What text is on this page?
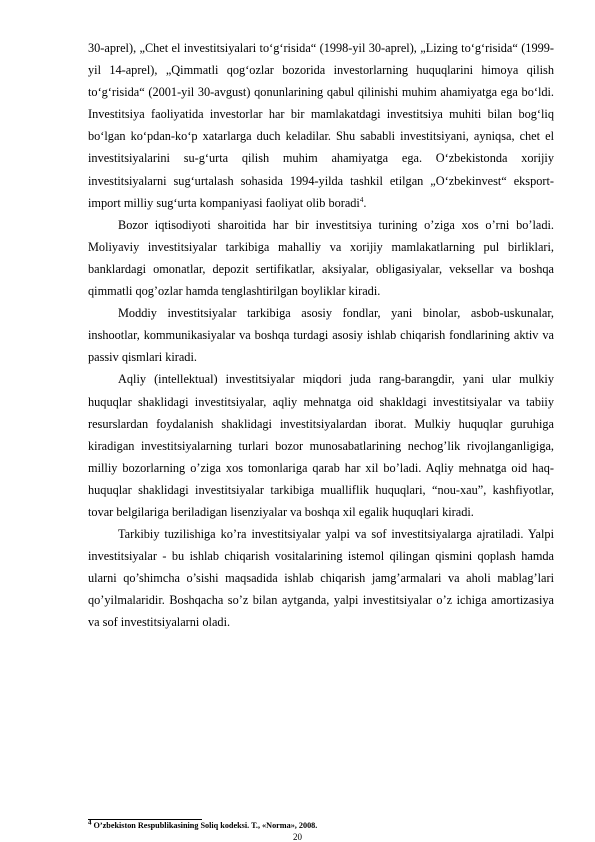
30-aprel), „Chet el investitsiyalari to‘g‘risida“ (1998-yil 30-aprel), „Lizing to‘g‘risida“ (1999-yil 14-aprel), „Qimmatli qog‘ozlar bozorida investorlarning huquqlarini himoya qilish to‘g‘risida“ (2001-yil 30-avgust) qonunlarining qabul qilinishi muhim ahamiyatga ega bo‘ldi. Investitsiya faoliyatida investorlar har bir mamlakatdagi investitsiya muhiti bilan bog‘liq bo‘lgan ko‘pdan-ko‘p xatarlarga duch keladilar. Shu sababli investitsiyani, ayniqsa, chet el investitsiyalarini su-g‘urta qilish muhim ahamiyatga ega. O‘zbekistonda xorijiy investitsiyalarni sug‘urtalash sohasida 1994-yilda tashkil etilgan „O‘zbekinvest“ eksport-import milliy sug‘urta kompaniyasi faoliyat olib boradi$^4$.

Bozor iqtisodiyoti sharoitida har bir investitsiya turining o’ziga xos o’rni bo’ladi. Moliyaviy investitsiyalar tarkibiga mahalliy va xorijiy mamlakatlarning pul birliklari, banklardagi omonatlar, depozit sertifikatlar, aksiyalar, obligasiyalar, veksellar va boshqa qimmatli qog’ozlar hamda tenglashtirilgan boyliklar kiradi.

Moddiy investitsiyalar tarkibiga asosiy fondlar, yani binolar, asbob-uskunalar, inshootlar, kommunikasiyalar va boshqa turdagi asosiy ishlab chiqarish fondlarining aktiv va passiv qismlari kiradi.

Aqliy (intellektual) investitsiyalar miqdori juda rang-barangdir, yani ular mulkiy huquqlar shaklidagi investitsiyalar, aqliy mehnatga oid shakldagi investitsiyalar va tabiiy resurslardan foydalanish shaklidagi investitsiyalardan iborat. Mulkiy huquqlar guruhiga kiradigan investitsiyalarning turlari bozor munosabatlarining nechog’lik rivojlanganligiga, milliy bozorlarning o’ziga xos tomonlariga qarab har xil bo’ladi. Aqliy mehnatga oid haq-huquqlar shaklidagi investitsiyalar tarkibiga mualliflik huquqlari, “nou-xau”, kashfiyotlar, tovar belgilariga beriladigan lisenziyalar va boshqa xil egalik huquqlari kiradi.

Tarkibiy tuzilishiga ko’ra investitsiyalar yalpi va sof investitsiyalarga ajratiladi. Yalpi investitsiyalar - bu ishlab chiqarish vositalarining istemol qilingan qismini qoplash hamda ularni qo’shimcha o’sishi maqsadida ishlab chiqarish jamg’armalari va aholi mablag’lari qo’yilmalaridir. Boshqacha so’z bilan aytganda, yalpi investitsiyalar o’z ichiga amortizasiya va sof investitsiyalarni oladi.

$^4$ O’zbekiston Respublikasining Soliq kodeksi. T., «Norma», 2008.
20
